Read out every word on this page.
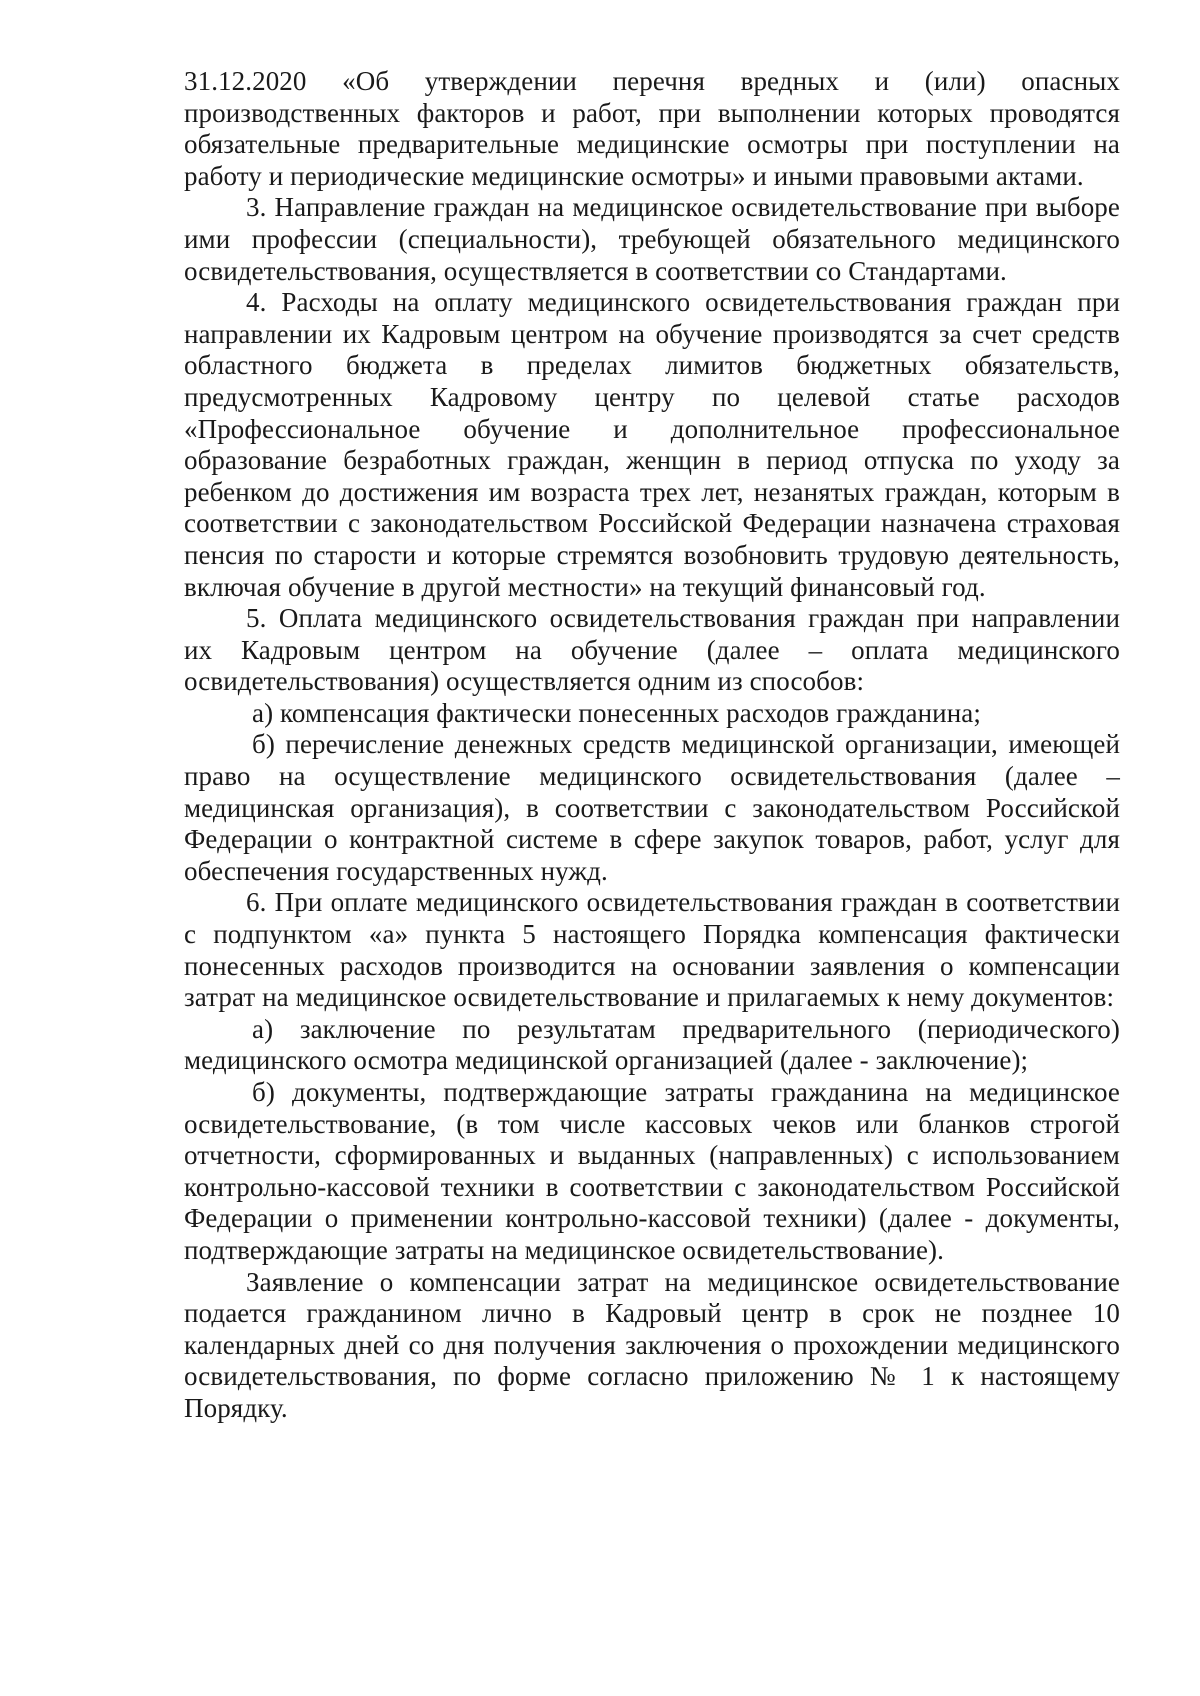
31.12.2020 «Об утверждении перечня вредных и (или) опасных производственных факторов и работ, при выполнении которых проводятся обязательные предварительные медицинские осмотры при поступлении на работу и периодические медицинские осмотры» и иными правовыми актами.

3. Направление граждан на медицинское освидетельствование при выборе ими профессии (специальности), требующей обязательного медицинского освидетельствования, осуществляется в соответствии со Стандартами.

4. Расходы на оплату медицинского освидетельствования граждан при направлении их Кадровым центром на обучение производятся за счет средств областного бюджета в пределах лимитов бюджетных обязательств, предусмотренных Кадровому центру по целевой статье расходов «Профессиональное обучение и дополнительное профессиональное образование безработных граждан, женщин в период отпуска по уходу за ребенком до достижения им возраста трех лет, незанятых граждан, которым в соответствии с законодательством Российской Федерации назначена страховая пенсия по старости и которые стремятся возобновить трудовую деятельность, включая обучение в другой местности» на текущий финансовый год.

5. Оплата медицинского освидетельствования граждан при направлении их Кадровым центром на обучение (далее – оплата медицинского освидетельствования) осуществляется одним из способов:

а) компенсация фактически понесенных расходов гражданина;

б) перечисление денежных средств медицинской организации, имеющей право на осуществление медицинского освидетельствования (далее – медицинская организация), в соответствии с законодательством Российской Федерации о контрактной системе в сфере закупок товаров, работ, услуг для обеспечения государственных нужд.

6. При оплате медицинского освидетельствования граждан в соответствии с подпунктом «а» пункта 5 настоящего Порядка компенсация фактически понесенных расходов производится на основании заявления о компенсации затрат на медицинское освидетельствование и прилагаемых к нему документов:

а) заключение по результатам предварительного (периодического) медицинского осмотра медицинской организацией (далее - заключение);

б) документы, подтверждающие затраты гражданина на медицинское освидетельствование, (в том числе кассовых чеков или бланков строгой отчетности, сформированных и выданных (направленных) с использованием контрольно-кассовой техники в соответствии с законодательством Российской Федерации о применении контрольно-кассовой техники) (далее - документы, подтверждающие затраты на медицинское освидетельствование).

Заявление о компенсации затрат на медицинское освидетельствование подается гражданином лично в Кадровый центр в срок не позднее 10 календарных дней со дня получения заключения о прохождении медицинского освидетельствования, по форме согласно приложению № 1 к настоящему Порядку.
